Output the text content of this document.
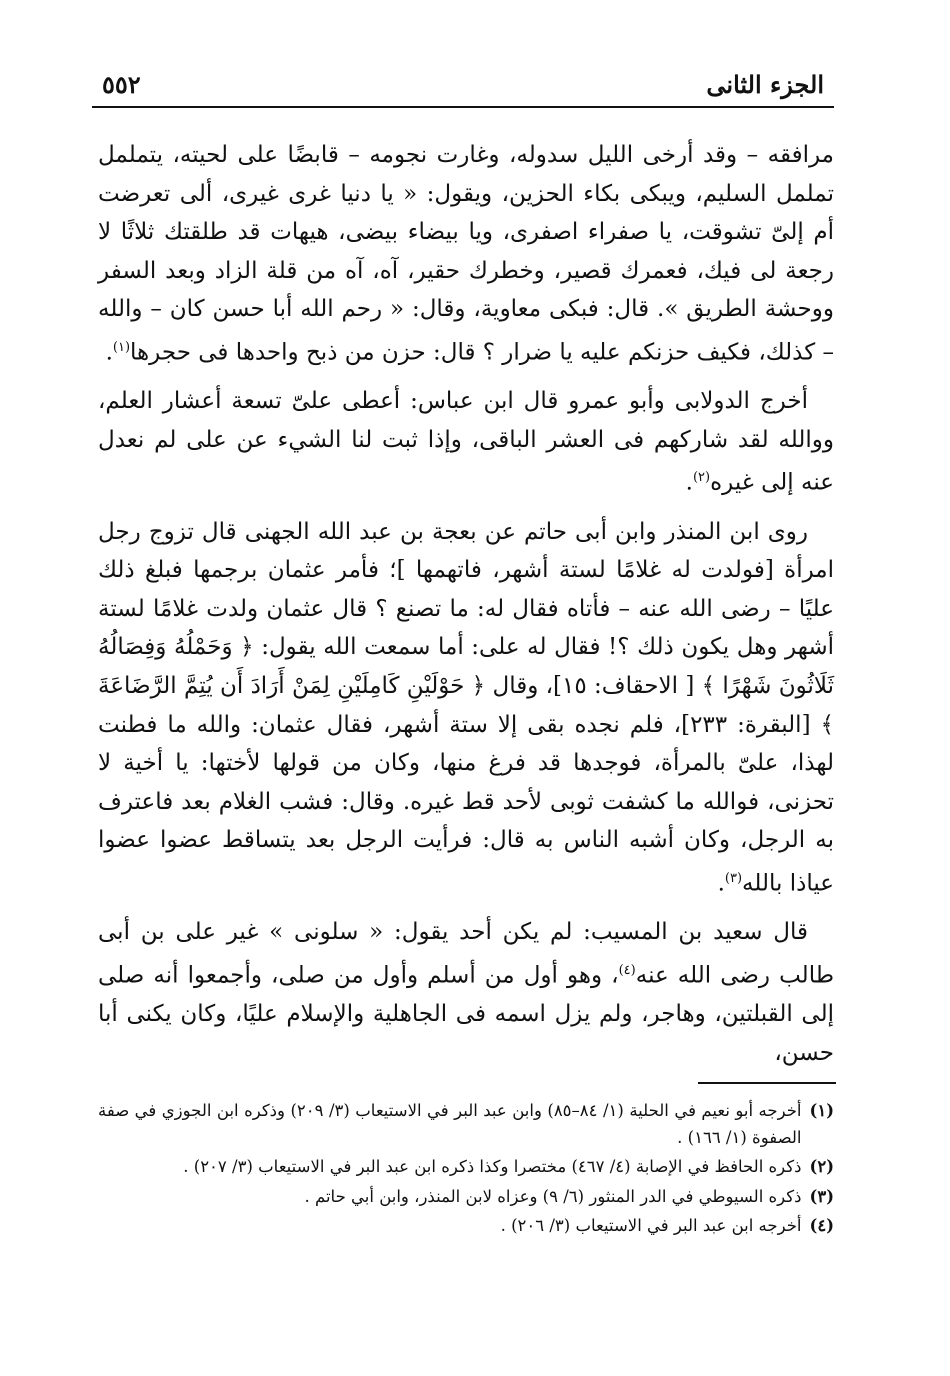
الجزء الثانى
٥٥٢

مرافقه – وقد أرخى الليل سدوله، وغارت نجومه – قابضًا على لحيته، يتململ تململ السليم، ويبكى بكاء الحزين، ويقول: « يا دنيا غرى غيرى، ألى تعرضت أم إلىّ تشوقت، يا صفراء اصفرى، ويا بيضاء بيضى، هيهات قد طلقتك ثلاثًا لا رجعة لى فيك، فعمرك قصير، وخطرك حقير، آه، آه من قلة الزاد وبعد السفر ووحشة الطريق ». قال: فبكى معاوية، وقال: « رحم الله أبا حسن كان – والله – كذلك، فكيف حزنكم عليه يا ضرار ؟ قال: حزن من ذبح واحدها فى حجرها$^{(١)}$.

أخرج الدولابى وأبو عمرو قال ابن عباس: أعطى علىّ تسعة أعشار العلم، ووالله لقد شاركهم فى العشر الباقى، وإذا ثبت لنا الشيء عن على لم نعدل عنه إلى غيره$^{(٢)}$.

روى ابن المنذر وابن أبى حاتم عن بعجة بن عبد الله الجهنى قال تزوج رجل امرأة [فولدت له غلامًا لستة أشهر، فاتهمها ]؛ فأمر عثمان برجمها فبلغ ذلك عليًا – رضى الله عنه – فأتاه فقال له: ما تصنع ؟ قال عثمان ولدت غلامًا لستة أشهر وهل يكون ذلك ؟! فقال له على: أما سمعت الله يقول: ﴿ وَحَمْلُهُ وَفِصَالُهُ ثَلَاثُونَ شَهْرًا ﴾ [ الاحقاف: ١٥]، وقال ﴿ حَوْلَيْنِ كَامِلَيْنِ لِمَنْ أَرَادَ أَن يُتِمَّ الرَّضَاعَةَ ﴾ [البقرة: ٢٣٣]، فلم نجده بقى إلا ستة أشهر، فقال عثمان: والله ما فطنت لهذا، علىّ بالمرأة، فوجدها قد فرغ منها، وكان من قولها لأختها: يا أخية لا تحزنى، فوالله ما كشفت ثوبى لأحد قط غيره. وقال: فشب الغلام بعد فاعترف به الرجل، وكان أشبه الناس به قال: فرأيت الرجل بعد يتساقط عضوا عضوا عياذا بالله$^{(٣)}$.

قال سعيد بن المسيب: لم يكن أحد يقول: « سلونى » غير على بن أبى طالب رضى الله عنه$^{(٤)}$، وهو أول من أسلم وأول من صلى، وأجمعوا أنه صلى إلى القبلتين، وهاجر، ولم يزل اسمه فى الجاهلية والإسلام عليًا، وكان يكنى أبا حسن،

(١)
أخرجه أبو نعيم في الحلية (١/ ٨٤–٨٥) وابن عبد البر في الاستيعاب (٣/ ٢٠٩) وذكره ابن الجوزي في صفة الصفوة (١/ ١٦٦) .
(٢)
ذكره الحافظ في الإصابة (٤/ ٤٦٧) مختصرا وكذا ذكره ابن عبد البر في الاستيعاب (٣/ ٢٠٧) .
(٣)
ذكره السيوطي في الدر المنثور (٦/ ٩) وعزاه لابن المنذر، وابن أبي حاتم .
(٤)
أخرجه ابن عبد البر في الاستيعاب (٣/ ٢٠٦) .
